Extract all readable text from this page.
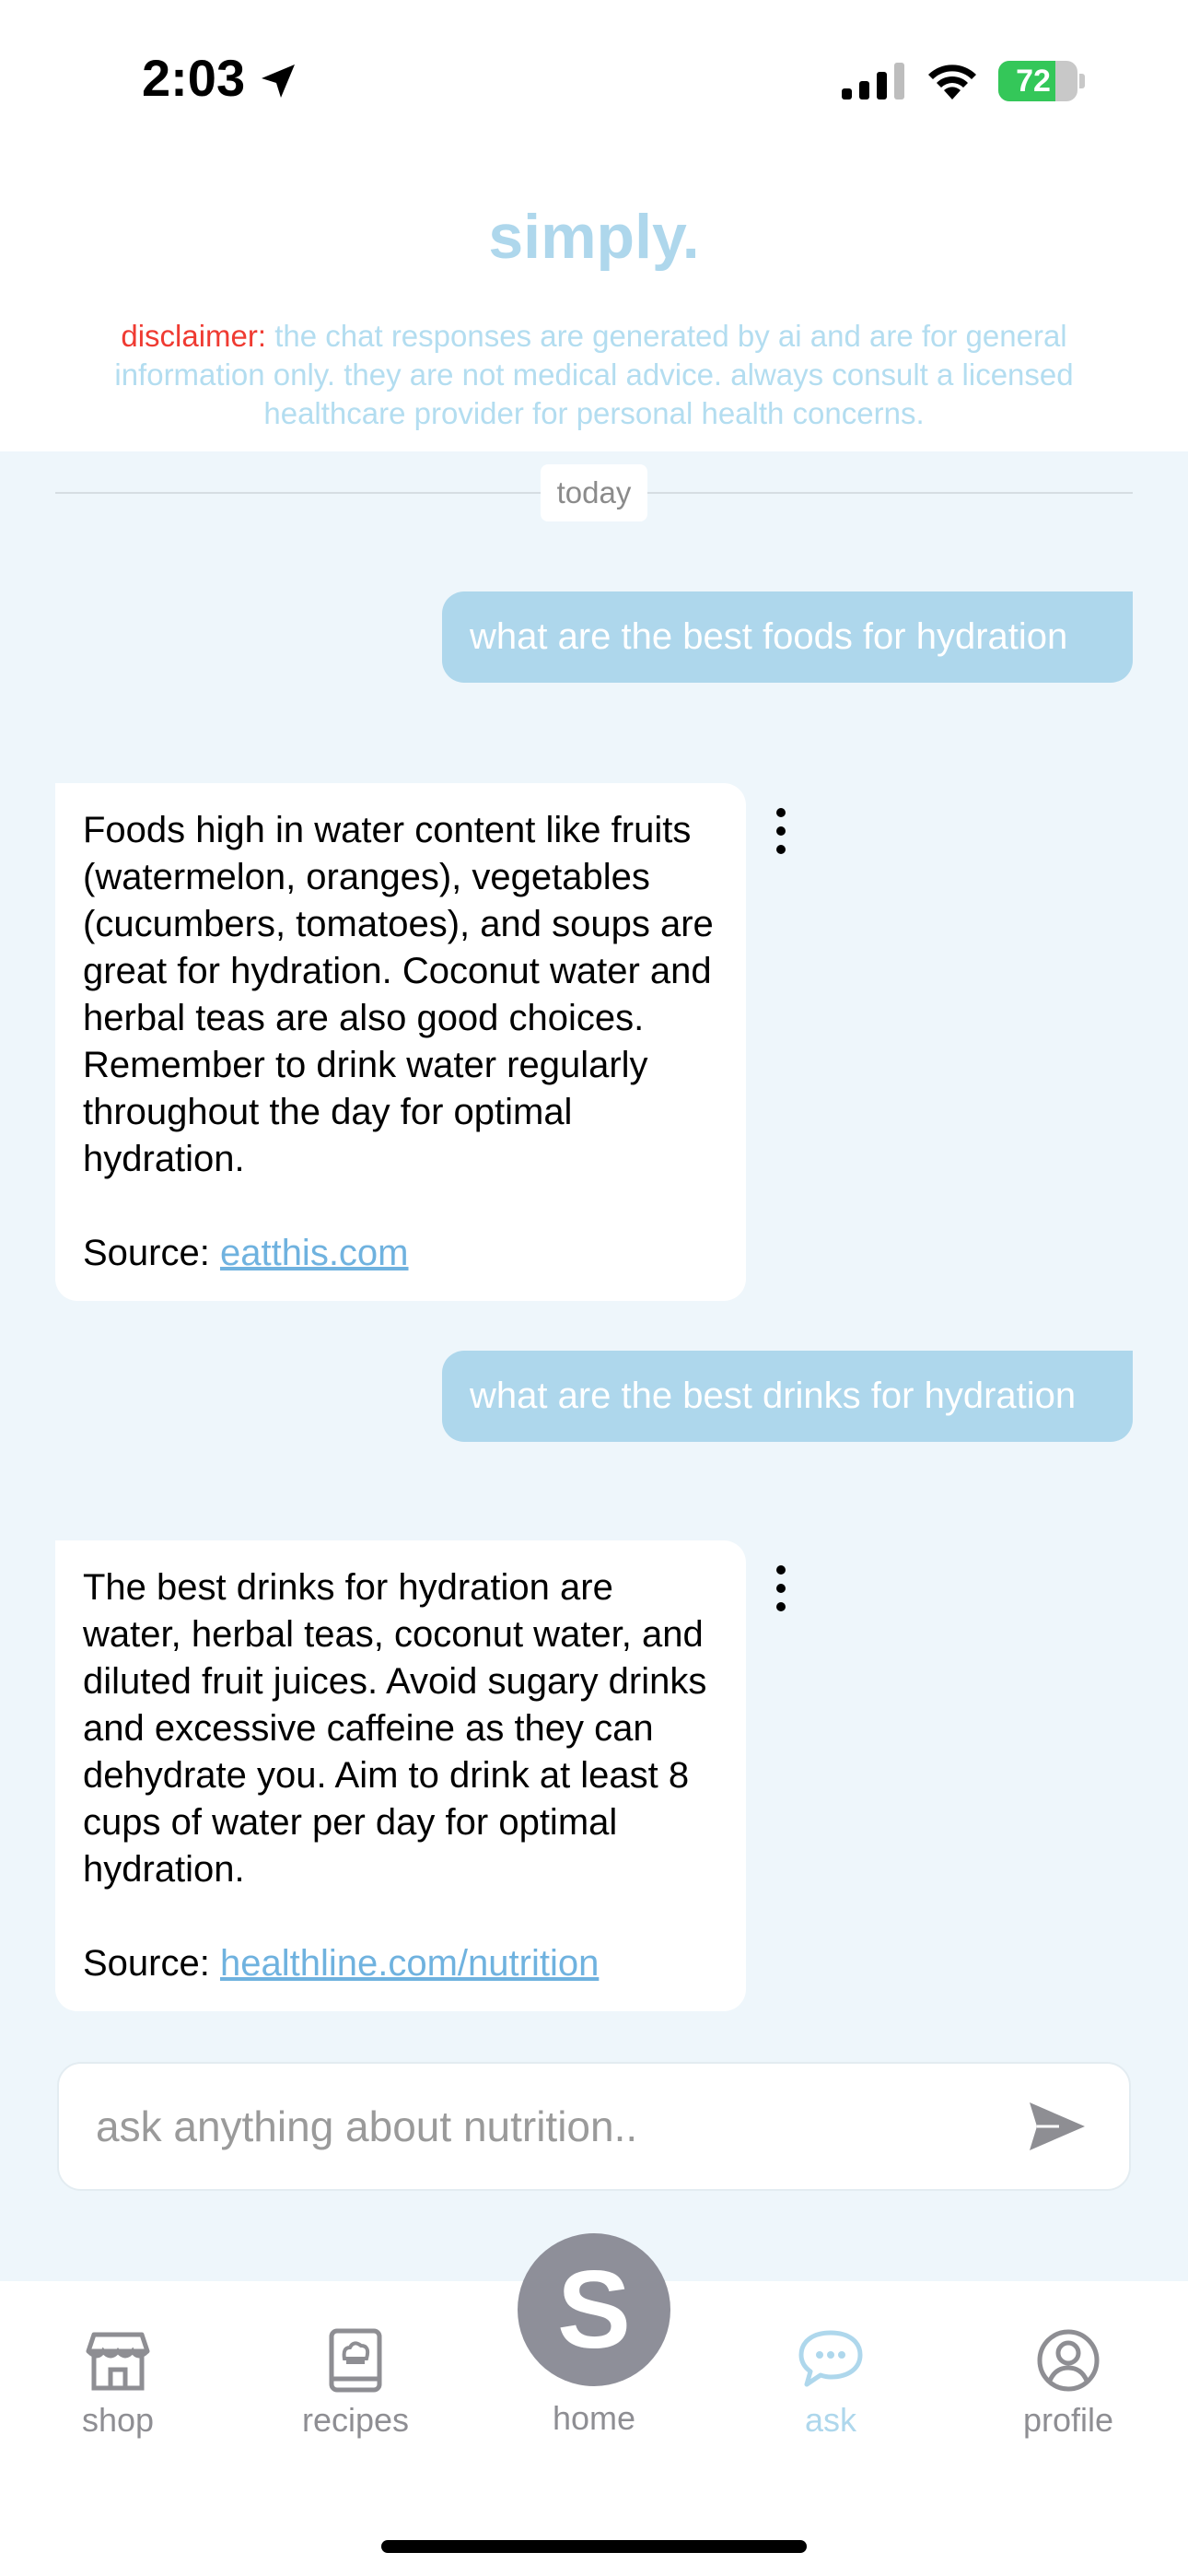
2:03	72
simply.
disclaimer: the chat responses are generated by ai and are for general information only. they are not medical advice. always consult a licensed healthcare provider for personal health concerns.
today
what are the best foods for hydration
Foods high in water content like fruits (watermelon, oranges), vegetables (cucumbers, tomatoes), and soups are great for hydration. Coconut water and herbal teas are also good choices. Remember to drink water regularly throughout the day for optimal hydration.
Source: eatthis.com
what are the best drinks for hydration
The best drinks for hydration are water, herbal teas, coconut water, and diluted fruit juices. Avoid sugary drinks and excessive caffeine as they can dehydrate you. Aim to drink at least 8 cups of water per day for optimal hydration.
Source: healthline.com/nutrition
ask anything about nutrition..
shop	recipes	ask	profile
S
home
